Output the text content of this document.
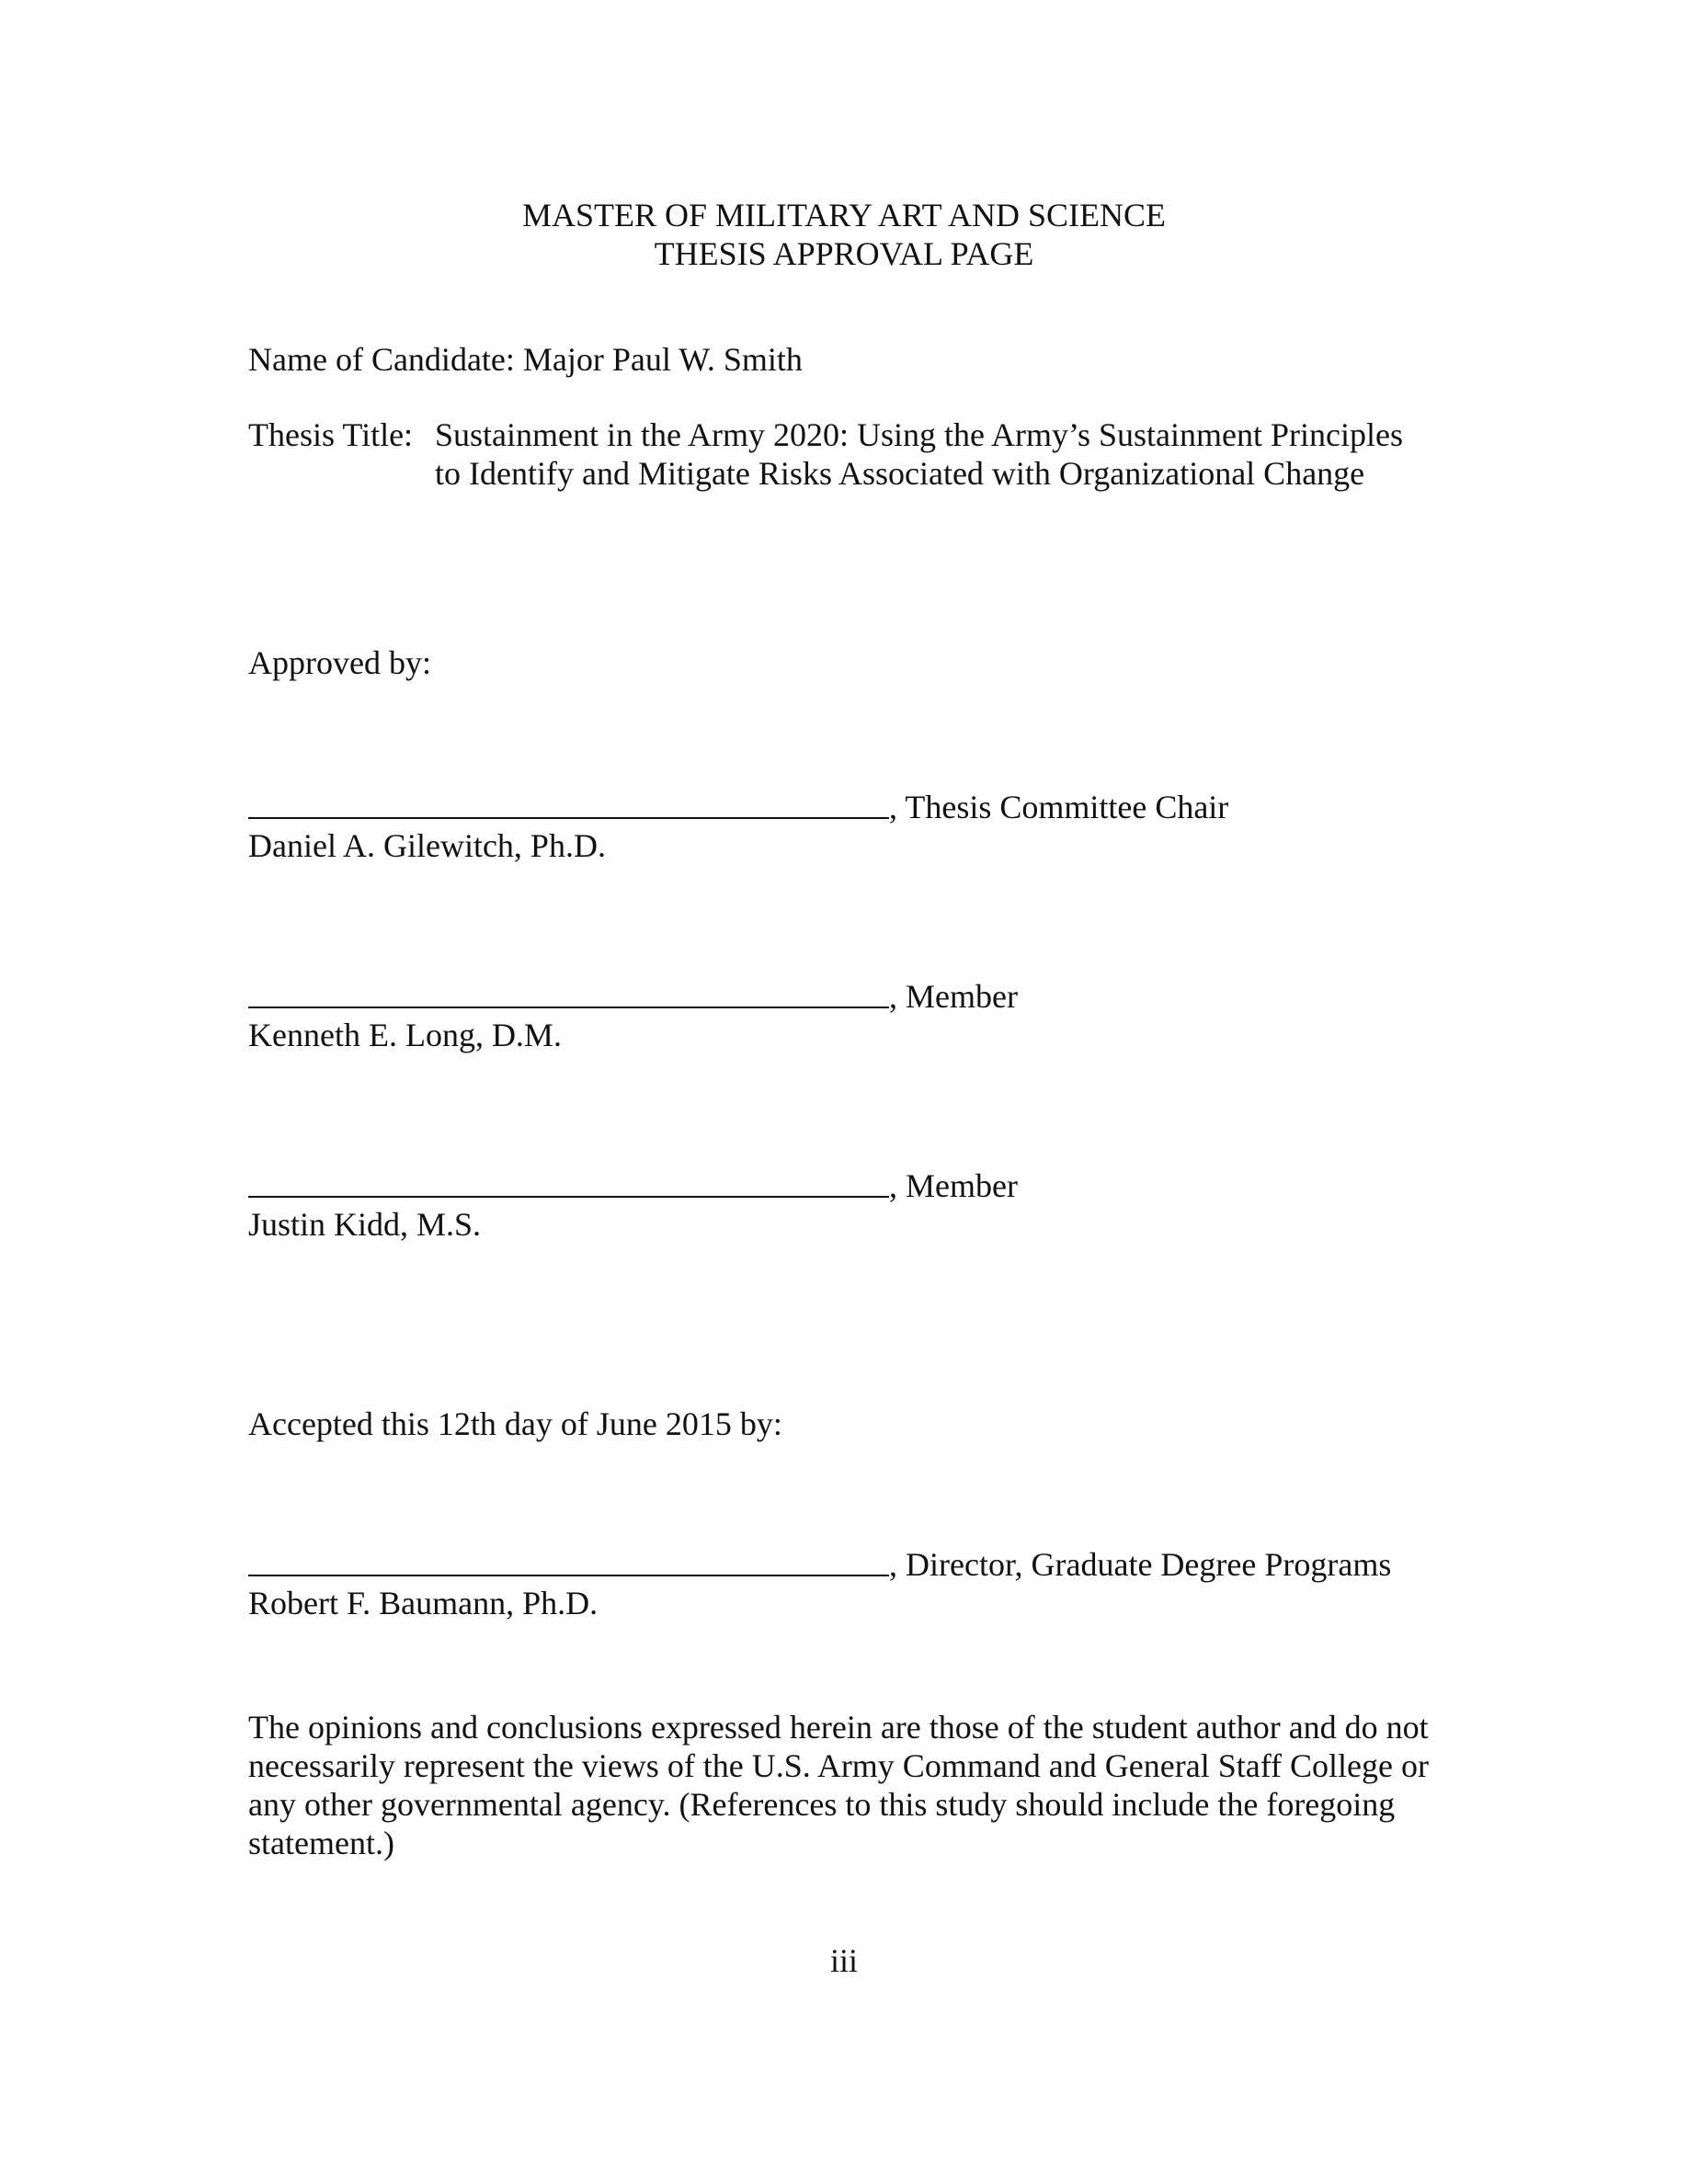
MASTER OF MILITARY ART AND SCIENCE
THESIS APPROVAL PAGE
Name of Candidate: Major Paul W. Smith
Thesis Title: Sustainment in the Army 2020: Using the Army’s Sustainment Principles
to Identify and Mitigate Risks Associated with Organizational Change
Approved by:
, Thesis Committee Chair
Daniel A. Gilewitch, Ph.D.
, Member
Kenneth E. Long, D.M.
, Member
Justin Kidd, M.S.
Accepted this 12th day of June 2015 by:
, Director, Graduate Degree Programs
Robert F. Baumann, Ph.D.
The opinions and conclusions expressed herein are those of the student author and do not
necessarily represent the views of the U.S. Army Command and General Staff College or
any other governmental agency. (References to this study should include the foregoing
statement.)
iii
